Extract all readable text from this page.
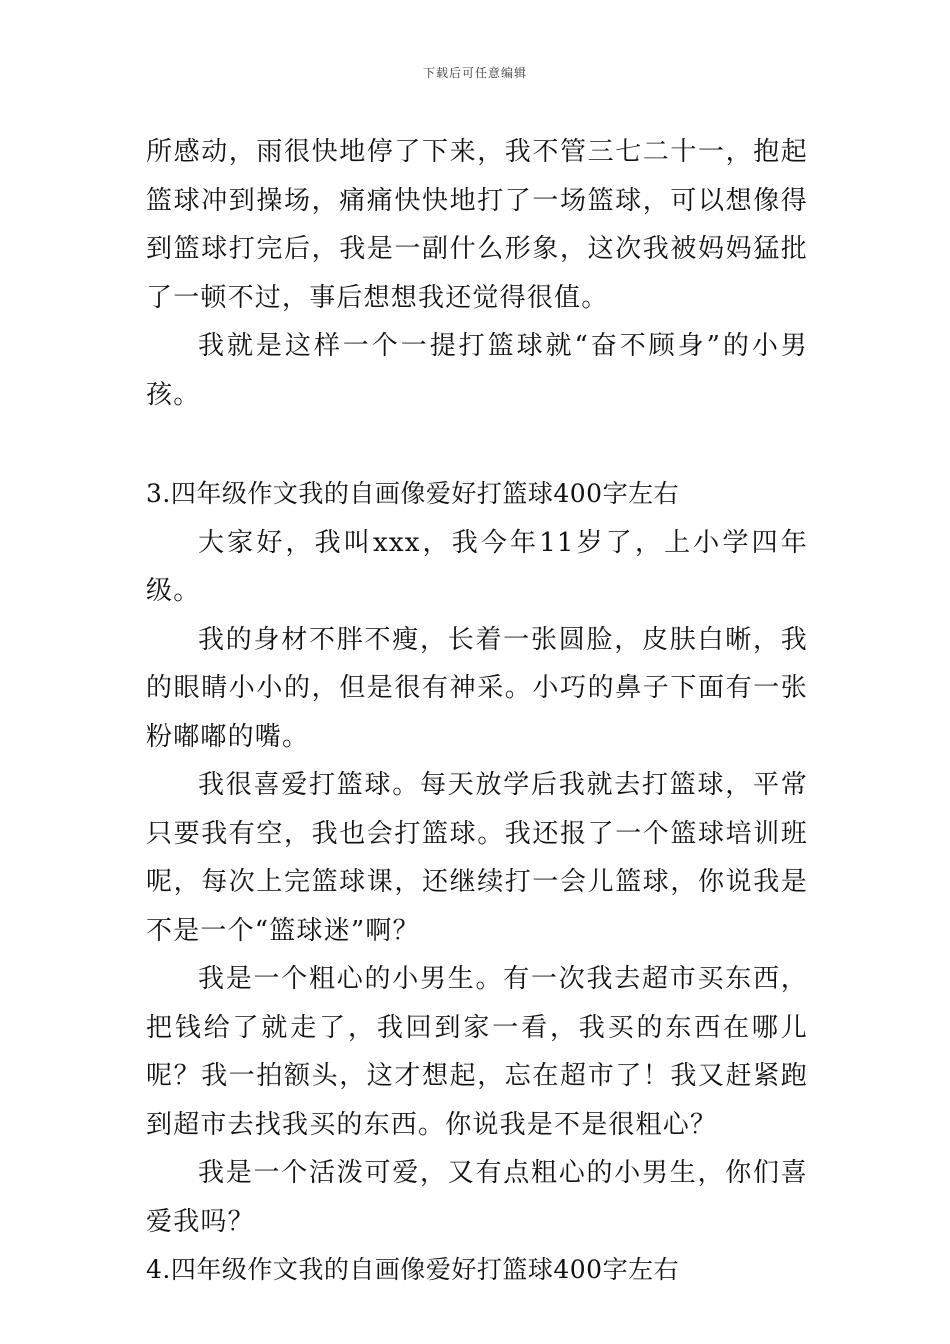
下载后可任意编辑

所感动，雨很快地停了下来，我不管三七二十一，抱起篮球冲到操场，痛痛快快地打了一场篮球，可以想像得到篮球打完后，我是一副什么形象，这次我被妈妈猛批了一顿不过，事后想想我还觉得很值。

我就是这样一个一提打篮球就“奋不顾身”的小男孩。

3.四年级作文我的自画像爱好打篮球400字左右

大家好，我叫xxx，我今年11岁了，上小学四年级。

我的身材不胖不瘦，长着一张圆脸，皮肤白晰，我的眼睛小小的，但是很有神采。小巧的鼻子下面有一张粉嘟嘟的嘴。

我很喜爱打篮球。每天放学后我就去打篮球，平常只要我有空，我也会打篮球。我还报了一个篮球培训班呢，每次上完篮球课，还继续打一会儿篮球，你说我是不是一个“篮球迷”啊？

我是一个粗心的小男生。有一次我去超市买东西，把钱给了就走了，我回到家一看，我买的东西在哪儿呢？我一拍额头，这才想起，忘在超市了！我又赶紧跑到超市去找我买的东西。你说我是不是很粗心？

我是一个活泼可爱，又有点粗心的小男生，你们喜爱我吗？

4.四年级作文我的自画像爱好打篮球400字左右
